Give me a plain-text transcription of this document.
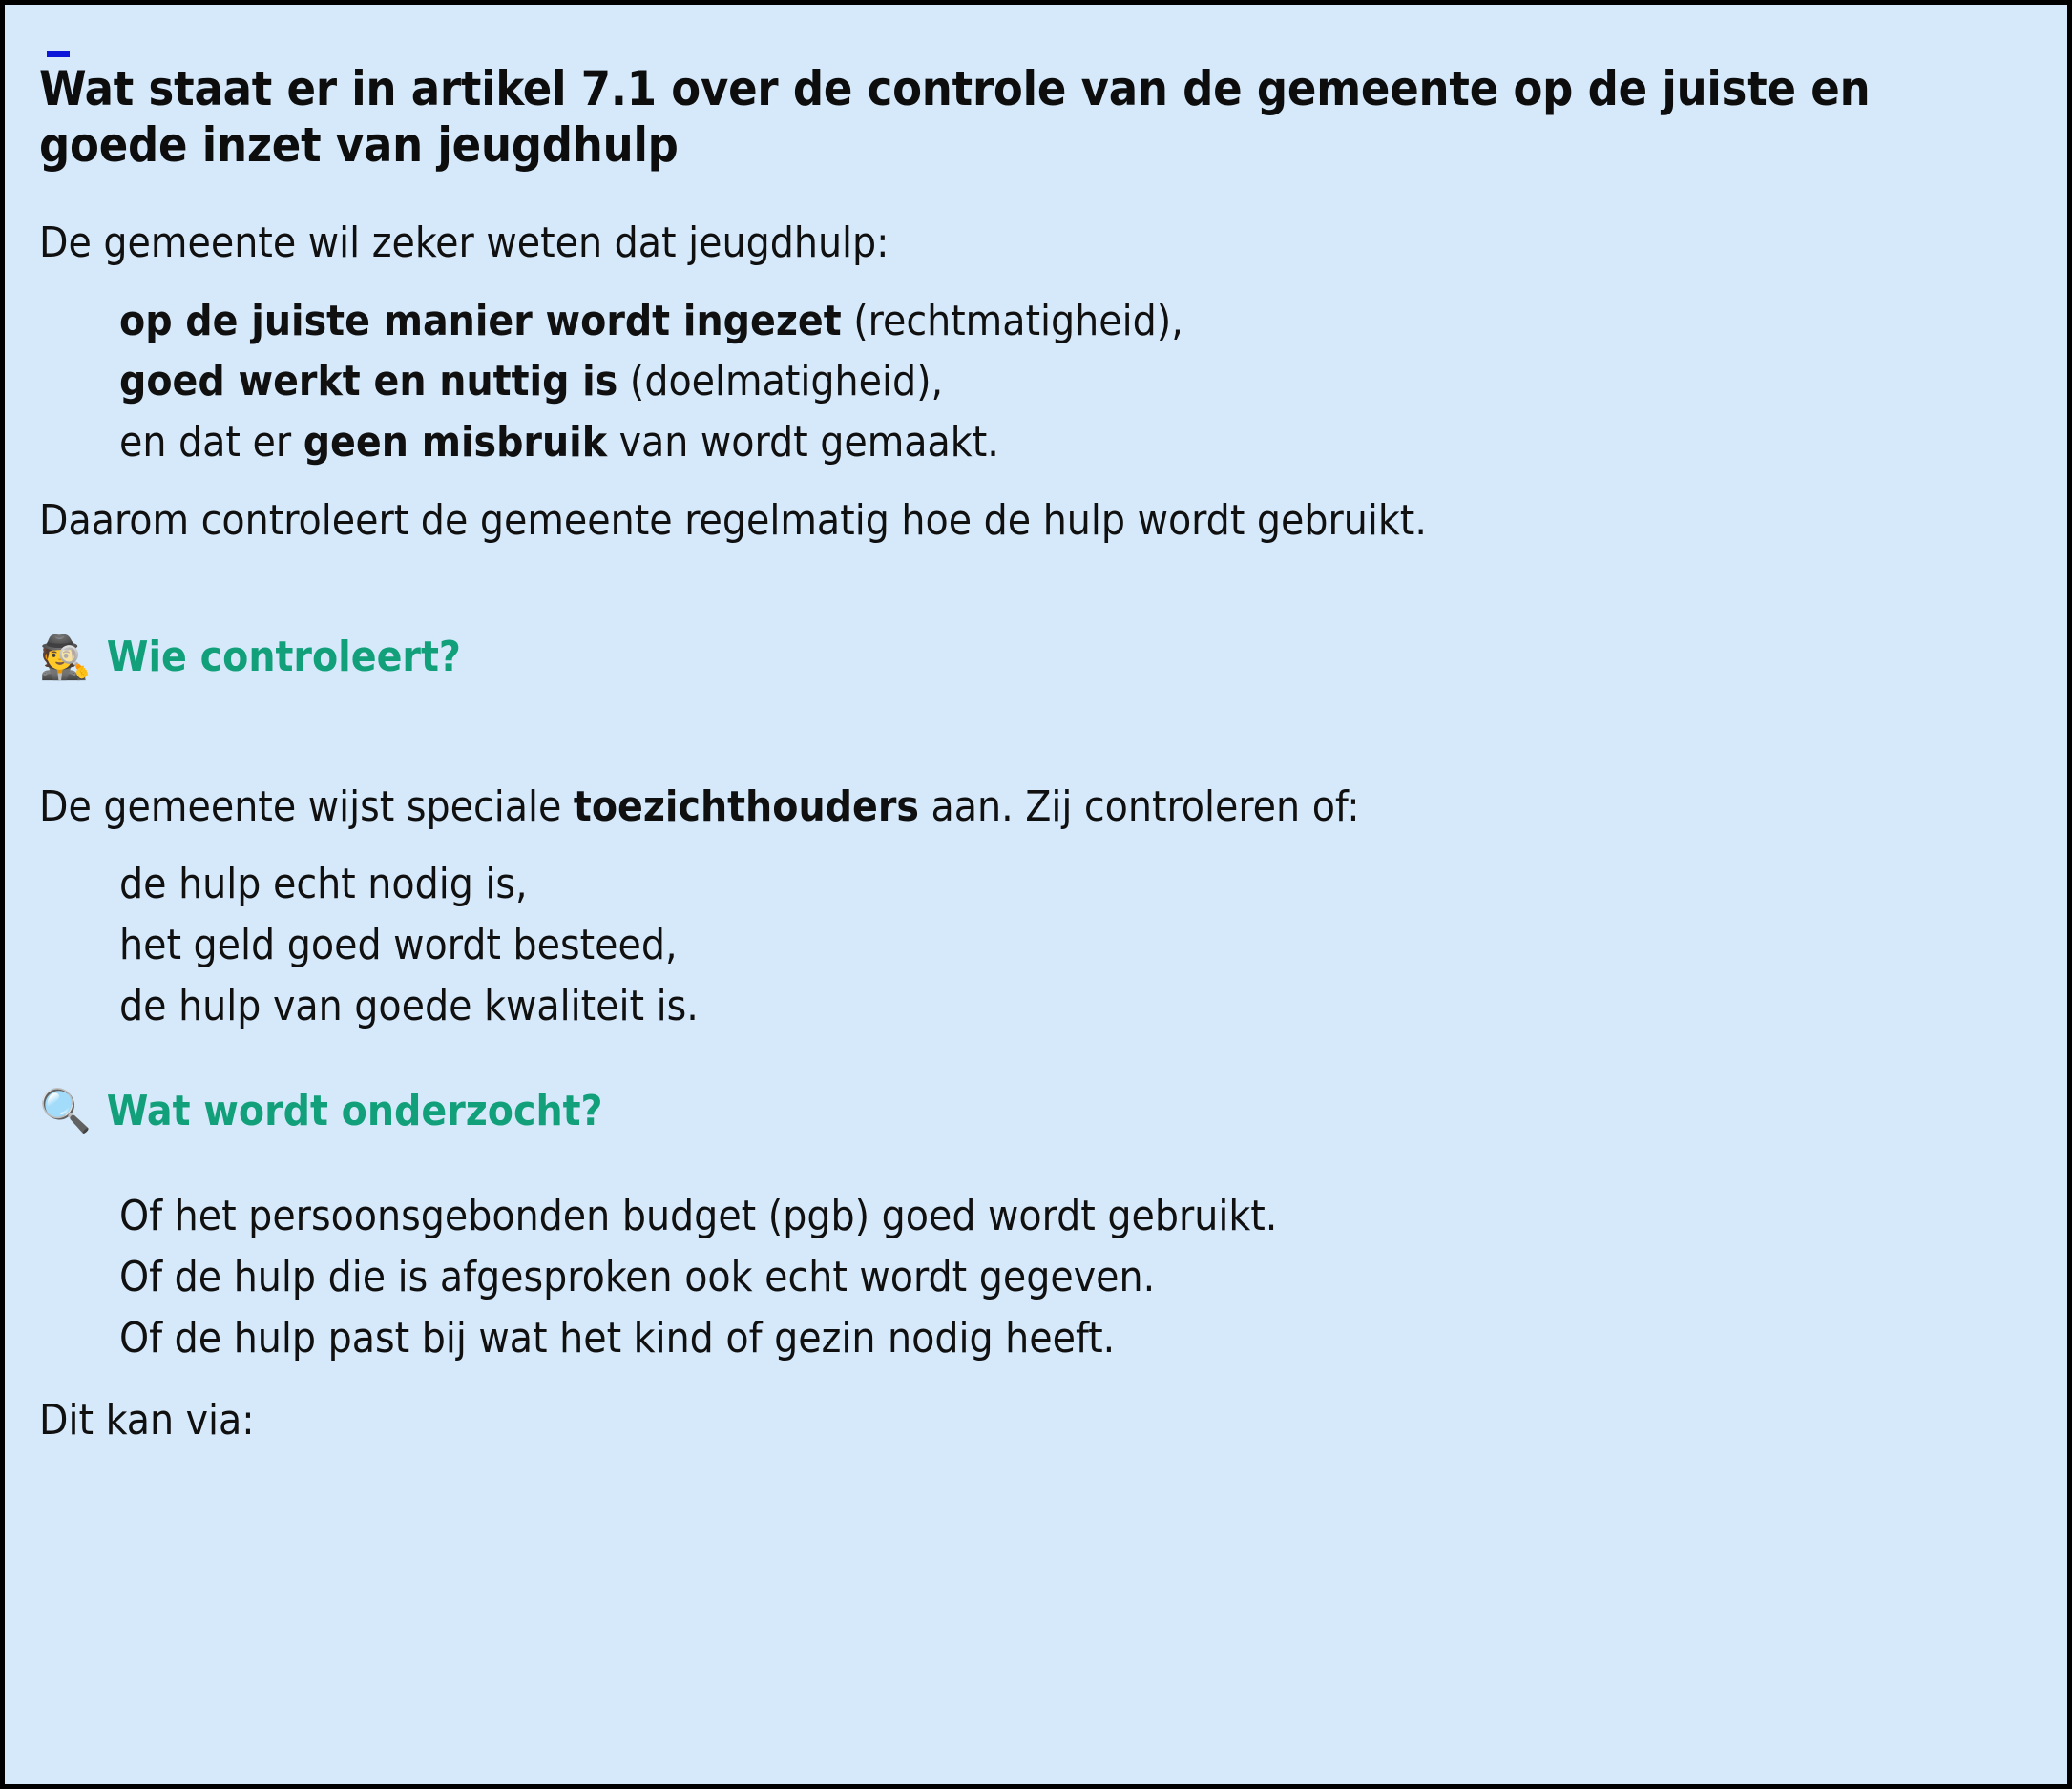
Wat staat er in artikel 7.1 over de controle van de gemeente op de juiste en goede inzet van jeugdhulp

De gemeente wil zeker weten dat jeugdhulp:

op de juiste manier wordt ingezet (rechtmatigheid),
goed werkt en nuttig is (doelmatigheid),
en dat er geen misbruik van wordt gemaakt.

Daarom controleert de gemeente regelmatig hoe de hulp wordt gebruikt.

🕵️ Wie controleert?

De gemeente wijst speciale toezichthouders aan. Zij controleren of:

de hulp echt nodig is,
het geld goed wordt besteed,
de hulp van goede kwaliteit is.
🔍 Wat wordt onderzocht?
Of het persoonsgebonden budget (pgb) goed wordt gebruikt.
Of de hulp die is afgesproken ook echt wordt gegeven.
Of de hulp past bij wat het kind of gezin nodig heeft.

Dit kan via:
